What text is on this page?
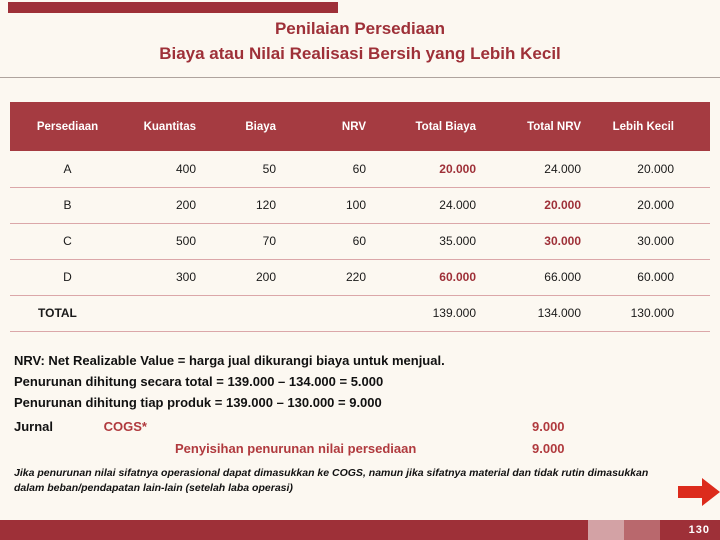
Penilaian Persediaan
Biaya atau Nilai Realisasi Bersih yang Lebih Kecil
Persediaan	Kuantitas	Biaya	NRV	Total Biaya	Total NRV	Lebih Kecil
A	400	50	60	20.000	24.000	20.000
B	200	120	100	24.000	20.000	20.000
C	500	70	60	35.000	30.000	30.000
D	300	200	220	60.000	66.000	60.000
TOTAL				139.000	134.000	130.000
NRV: Net Realizable Value = harga jual dikurangi biaya untuk menjual.
Penurunan dihitung secara total = 139.000 – 134.000 = 5.000
Penurunan dihitung tiap produk = 139.000 – 130.000 = 9.000
Jurnal	COGS*	9.000
Penyisihan penurunan nilai persediaan	9.000
Jika penurunan nilai sifatnya operasional dapat dimasukkan ke COGS, namun jika sifatnya material dan tidak rutin dimasukkan dalam beban/pendapatan lain-lain (setelah laba operasi)
130
